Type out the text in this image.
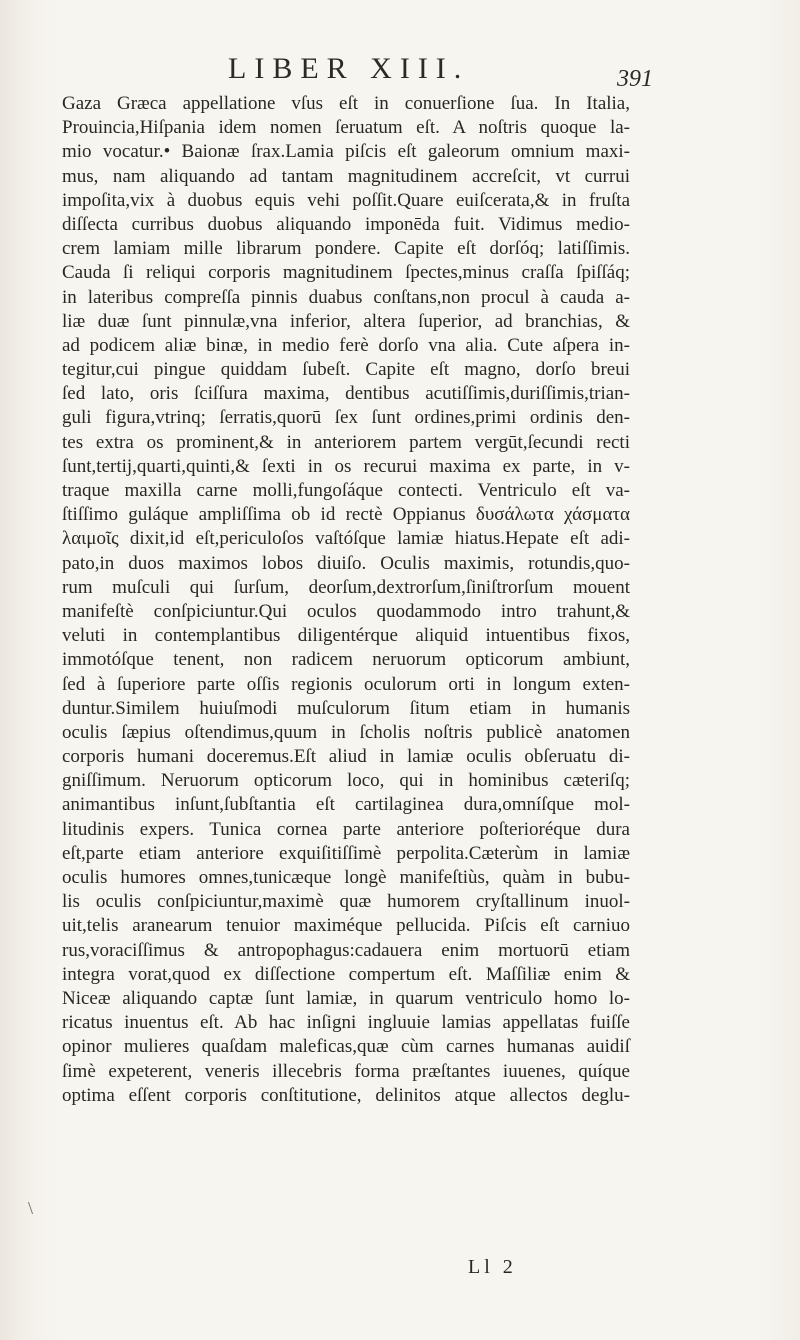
LIBER XIII.	391
Gaza Græca appellatione vſus eſt in conuerſione ſua. In Italia,
Prouincia,Hiſpania idem nomen ſeruatum eſt. A noſtris quoque la-
mio vocatur.• Baionæ ſrax.Lamia piſcis eſt galeorum omnium maxi-
mus, nam aliquando ad tantam magnitudinem accreſcit, vt currui
impoſita,vix à duobus equis vehi poſſit.Quare euiſcerata,& in fruſta
diſſecta curribus duobus aliquando imponēda fuit. Vidimus medio-
crem lamiam mille librarum pondere. Capite eſt dorſóq; latiſſimis.
Cauda ſi reliqui corporis magnitudinem ſpectes,minus craſſa ſpiſſáq;
in lateribus compreſſa pinnis duabus conſtans,non procul à cauda a-
liæ duæ ſunt pinnulæ,vna inferior, altera ſuperior, ad branchias, &
ad podicem aliæ binæ, in medio ferè dorſo vna alia. Cute aſpera in-
tegitur,cui pingue quiddam ſubeſt. Capite eſt magno, dorſo breui
ſed lato, oris ſciſſura maxima, dentibus acutiſſimis,duriſſimis,trian-
guli figura,vtrinq; ſerratis,quorū ſex ſunt ordines,primi ordinis den-
tes extra os prominent,& in anteriorem partem vergūt,ſecundi recti
ſunt,tertij,quarti,quinti,& ſexti in os recurui maxima ex parte, in v-
traque maxilla carne molli,fungoſáque contecti. Ventriculo eſt va-
ſtiſſimo guláque ampliſſima ob id rectè Oppianus δυσάλωτα χάσματα
λαιμοῖς dixit,id eſt,periculoſos vaſtóſque lamiæ hiatus.Hepate eſt adi-
pato,in duos maximos lobos diuiſo. Oculis maximis, rotundis,quo-
rum muſculi qui ſurſum, deorſum,dextrorſum,ſiniſtrorſum mouent
manifeſtè conſpiciuntur.Qui oculos quodammodo intro trahunt,&
veluti in contemplantibus diligentérque aliquid intuentibus fixos,
immotóſque tenent, non radicem neruorum opticorum ambiunt,
ſed à ſuperiore parte oſſis regionis oculorum orti in longum exten-
duntur.Similem huiuſmodi muſculorum ſitum etiam in humanis
oculis ſæpius oſtendimus,quum in ſcholis noſtris publicè anatomen
corporis humani doceremus.Eſt aliud in lamiæ oculis obſeruatu di-
gniſſimum. Neruorum opticorum loco, qui in hominibus cæteriſq;
animantibus inſunt,ſubſtantia eſt cartilaginea dura,omníſque mol-
litudinis expers. Tunica cornea parte anteriore poſterioréque dura
eſt,parte etiam anteriore exquiſitiſſimè perpolita.Cæterùm in lamiæ
oculis humores omnes,tunicæque longè manifeſtiùs, quàm in bubu-
lis oculis conſpiciuntur,maximè quæ humorem cryſtallinum inuol-
uit,telis aranearum tenuior maximéque pellucida. Piſcis eſt carniuo
rus,voraciſſimus & antropophagus:cadauera enim mortuorū etiam
integra vorat,quod ex diſſectione compertum eſt. Maſſiliæ enim &
Niceæ aliquando captæ ſunt lamiæ, in quarum ventriculo homo lo-
ricatus inuentus eſt. Ab hac inſigni ingluuie lamias appellatas fuiſſe
opinor mulieres quaſdam maleficas,quæ cùm carnes humanas auidiſ
ſimè expeterent, veneris illecebris forma præſtantes iuuenes, quíque
optima eſſent corporis conſtitutione, delinitos atque allectos deglu-
\
Ll 2
